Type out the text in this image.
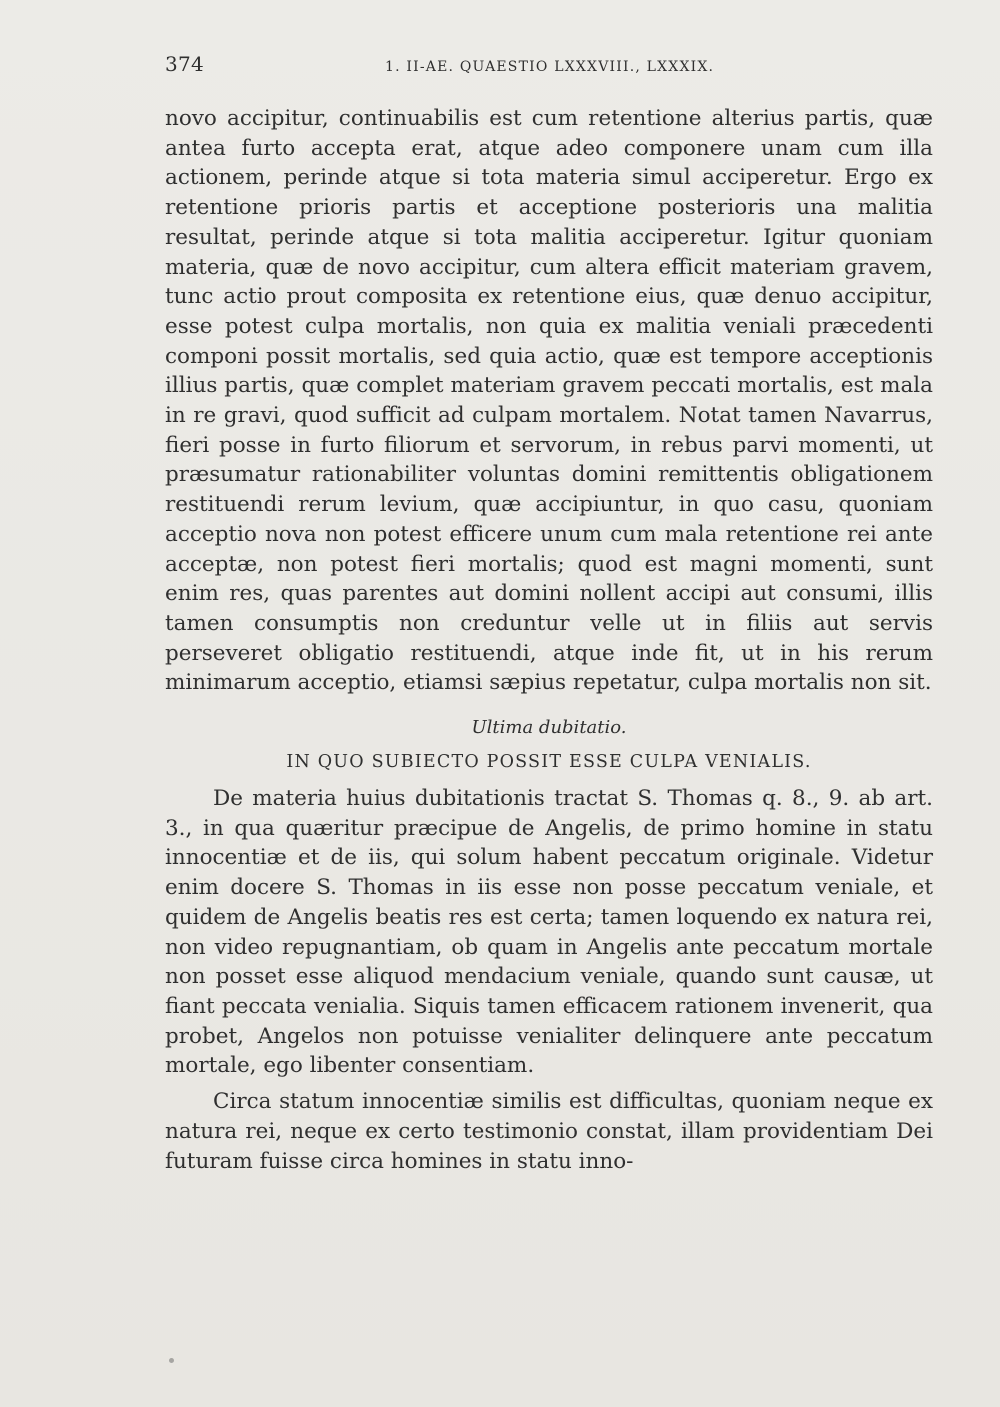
374	1. II-AE. QUAESTIO LXXXVIII., LXXXIX.

novo accipitur, continuabilis est cum retentione alterius partis, quæ antea furto accepta erat, atque adeo componere unam cum illa actionem, perinde atque si tota materia simul acciperetur. Ergo ex retentione prioris partis et acceptione posterioris una malitia resultat, perinde atque si tota malitia acciperetur. Igitur quoniam materia, quæ de novo accipitur, cum altera efficit materiam gravem, tunc actio prout composita ex retentione eius, quæ denuo accipitur, esse potest culpa mortalis, non quia ex malitia veniali præcedenti componi possit mortalis, sed quia actio, quæ est tempore acceptionis illius partis, quæ complet materiam gravem peccati mortalis, est mala in re gravi, quod sufficit ad culpam mortalem. Notat tamen Navarrus, fieri posse in furto filiorum et servorum, in rebus parvi momenti, ut præsumatur rationabiliter voluntas domini remittentis obligationem restituendi rerum levium, quæ accipiuntur, in quo casu, quoniam acceptio nova non potest efficere unum cum mala retentione rei ante acceptæ, non potest fieri mortalis; quod est magni momenti, sunt enim res, quas parentes aut domini nollent accipi aut consumi, illis tamen consumptis non creduntur velle ut in filiis aut servis perseveret obligatio restituendi, atque inde fit, ut in his rerum minimarum acceptio, etiamsi sæpius repetatur, culpa mortalis non sit.

Ultima dubitatio.
IN QUO SUBIECTO POSSIT ESSE CULPA VENIALIS.

De materia huius dubitationis tractat S. Thomas q. 8., 9. ab art. 3., in qua quæritur præcipue de Angelis, de primo homine in statu innocentiæ et de iis, qui solum habent peccatum originale. Videtur enim docere S. Thomas in iis esse non posse peccatum veniale, et quidem de Angelis beatis res est certa; tamen loquendo ex natura rei, non video repugnantiam, ob quam in Angelis ante peccatum mortale non posset esse aliquod mendacium veniale, quando sunt causæ, ut fiant peccata venialia. Siquis tamen efficacem rationem invenerit, qua probet, Angelos non potuisse venialiter delinquere ante peccatum mortale, ego libenter consentiam.

Circa statum innocentiæ similis est difficultas, quoniam neque ex natura rei, neque ex certo testimonio constat, illam providentiam Dei futuram fuisse circa homines in statu inno-
